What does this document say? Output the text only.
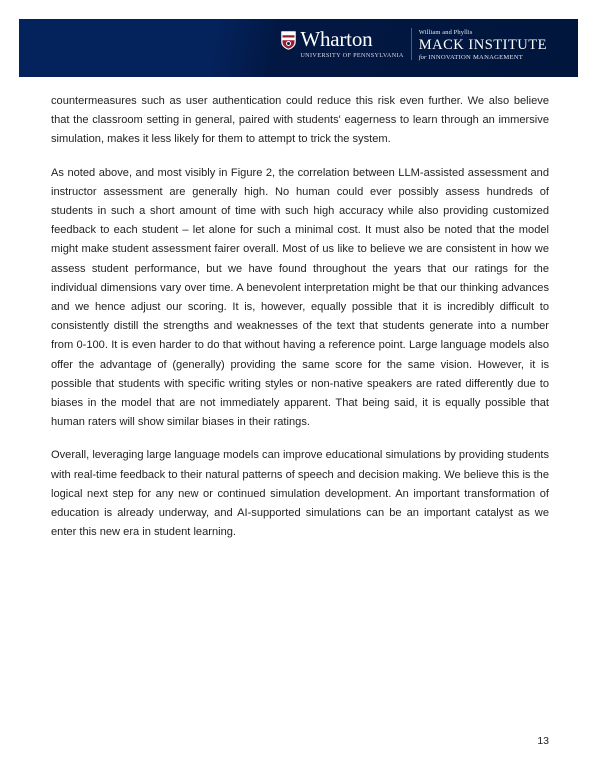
Wharton
UNIVERSITY OF PENNSYLVANIA
William and Phyllis
MACK INSTITUTE
for INNOVATION MANAGEMENT

countermeasures such as user authentication could reduce this risk even further. We also believe that the classroom setting in general, paired with students' eagerness to learn through an immersive simulation, makes it less likely for them to attempt to trick the system.

As noted above, and most visibly in Figure 2, the correlation between LLM-assisted assessment and instructor assessment are generally high. No human could ever possibly assess hundreds of students in such a short amount of time with such high accuracy while also providing customized feedback to each student – let alone for such a minimal cost. It must also be noted that the model might make student assessment fairer overall. Most of us like to believe we are consistent in how we assess student performance, but we have found throughout the years that our ratings for the individual dimensions vary over time. A benevolent interpretation might be that our thinking advances and we hence adjust our scoring. It is, however, equally possible that it is incredibly difficult to consistently distill the strengths and weaknesses of the text that students generate into a number from 0-100. It is even harder to do that without having a reference point. Large language models also offer the advantage of (generally) providing the same score for the same vision. However, it is possible that students with specific writing styles or non-native speakers are rated differently due to biases in the model that are not immediately apparent. That being said, it is equally possible that human raters will show similar biases in their ratings.

Overall, leveraging large language models can improve educational simulations by providing students with real-time feedback to their natural patterns of speech and decision making. We believe this is the logical next step for any new or continued simulation development. An important transformation of education is already underway, and AI-supported simulations can be an important catalyst as we enter this new era in student learning.

13
